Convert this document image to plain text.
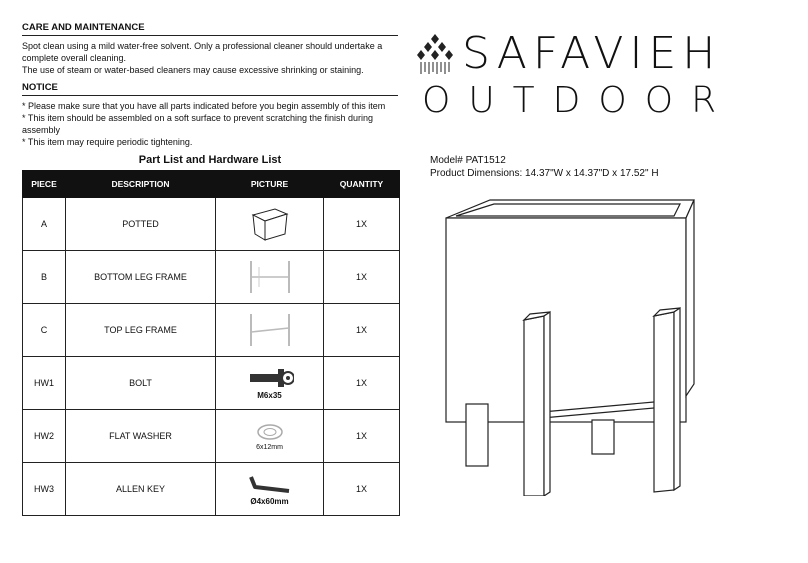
CARE AND MAINTENANCE

Spot clean using a mild water-free solvent. Only a professional cleaner should undertake a complete overall cleaning.

The use of steam or water-based cleaners may cause excessive shrinking or staining.

NOTICE

* Please make sure that you have all parts indicated before you begin assembly of this item

* This item should be assembled on a soft surface to prevent scratching the finish during assembly

* This item may require periodic tightening.

Part List and Hardware List

PIECE	DESCRIPTION	PICTURE	QUANTITY
A	POTTED		1X
B	BOTTOM LEG FRAME		1X
C	TOP LEG FRAME		1X
HW1	BOLT	M6x35	1X
HW2	FLAT WASHER	6x12mm	1X
HW3	ALLEN KEY	Ø4x60mm	1X
SAFAVIEH
OUTDOOR
Model# PAT1512
Product Dimensions: 14.37"W x 14.37"D x 17.52" H
